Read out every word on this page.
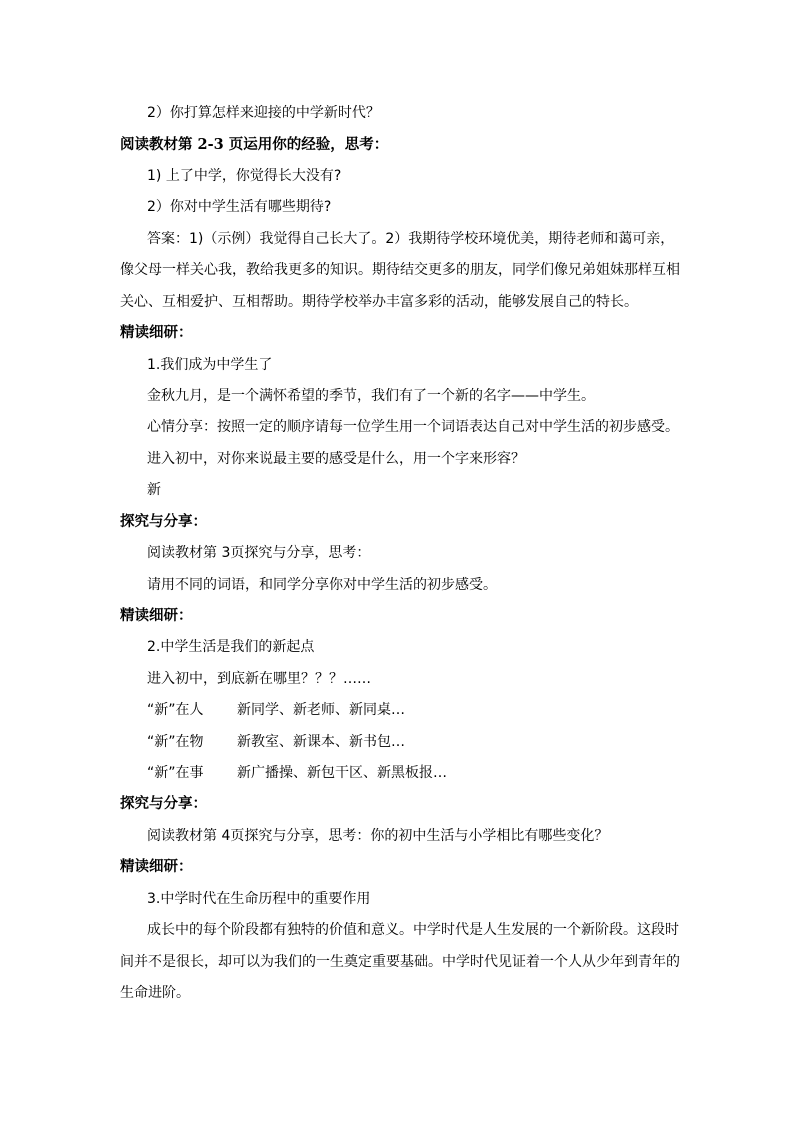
2）你打算怎样来迎接的中学新时代？

阅读教材第 2-3 页运用你的经验，思考：

1) 上了中学，你觉得长大没有?

2）你对中学生活有哪些期待?

答案：1)（示例）我觉得自己长大了。2）我期待学校环境优美，期待老师和蔼可亲，

像父母一样关心我，教给我更多的知识。期待结交更多的朋友，同学们像兄弟姐妹那样互相

关心、互相爱护、互相帮助。期待学校举办丰富多彩的活动，能够发展自己的特长。

精读细研：

1.我们成为中学生了

金秋九月，是一个满怀希望的季节，我们有了一个新的名字——中学生。

心情分享：按照一定的顺序请每一位学生用一个词语表达自己对中学生活的初步感受。

进入初中，对你来说最主要的感受是什么，用一个字来形容？

新

探究与分享：

阅读教材第 3页探究与分享，思考：

请用不同的词语，和同学分享你对中学生活的初步感受。

精读细研：

2.中学生活是我们的新起点

进入初中，到底新在哪里？？？……

“新”在人 新同学、新老师、新同桌…

“新”在物 新教室、新课本、新书包…

“新”在事 新广播操、新包干区、新黑板报…

探究与分享：

阅读教材第 4页探究与分享，思考：你的初中生活与小学相比有哪些变化？

精读细研：

3.中学时代在生命历程中的重要作用

成长中的每个阶段都有独特的价值和意义。中学时代是人生发展的一个新阶段。这段时

间并不是很长，却可以为我们的一生奠定重要基础。中学时代见证着一个人从少年到青年的

生命进阶。
